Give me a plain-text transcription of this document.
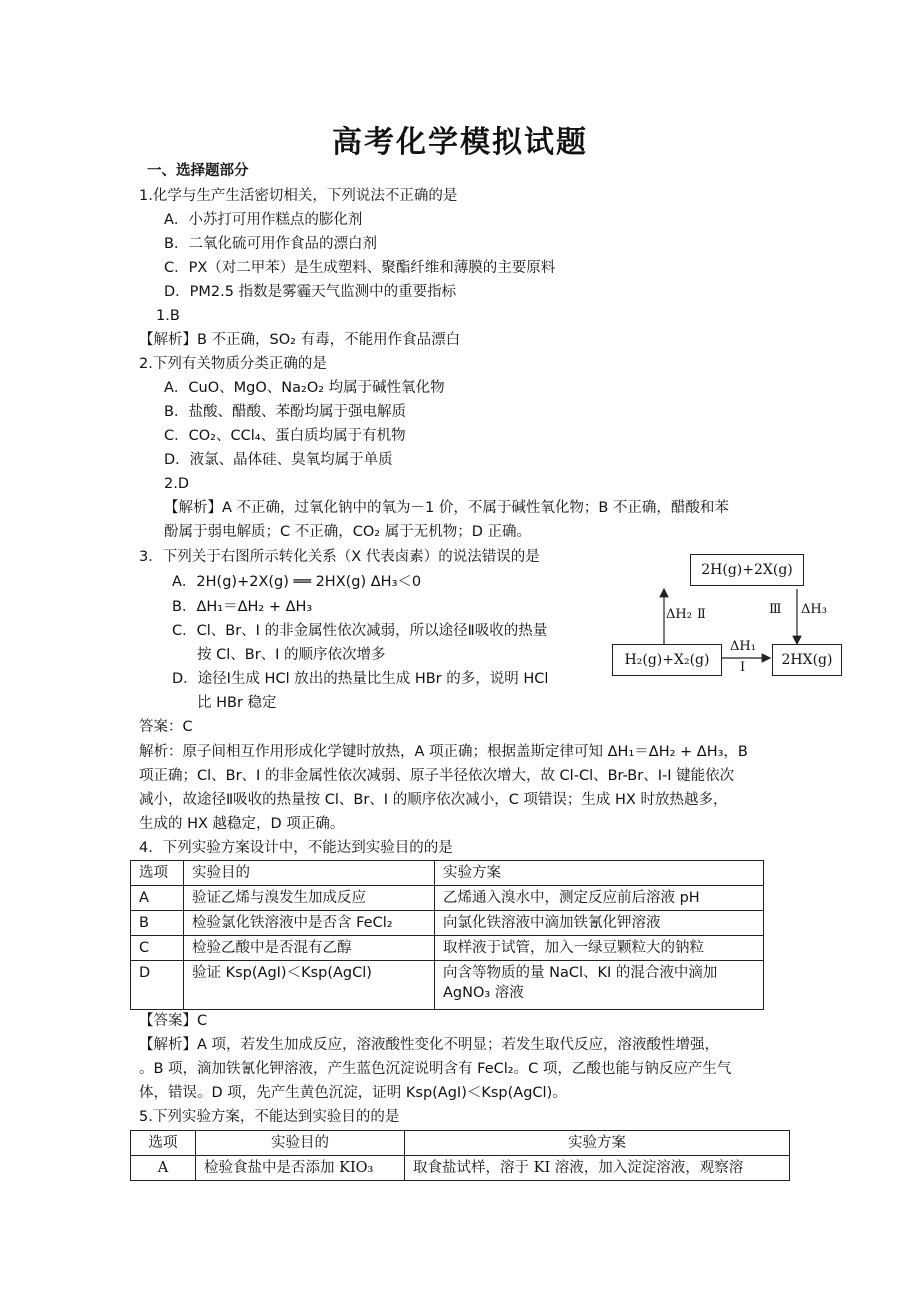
高考化学模拟试题
一、选择题部分
1.化学与生产生活密切相关，下列说法不正确的是
A．小苏打可用作糕点的膨化剂
B．二氧化硫可用作食品的漂白剂
C．PX（对二甲苯）是生成塑料、聚酯纤维和薄膜的主要原料
D．PM2.5 指数是雾霾天气监测中的重要指标
1.B
【解析】B 不正确，SO₂ 有毒，不能用作食品漂白
2.下列有关物质分类正确的是
A．CuO、MgO、Na₂O₂ 均属于碱性氧化物
B．盐酸、醋酸、苯酚均属于强电解质
C．CO₂、CCl₄、蛋白质均属于有机物
D．液氯、晶体硅、臭氧均属于单质
2.D
【解析】A 不正确，过氧化钠中的氧为－1 价，不属于碱性氧化物；B 不正确，醋酸和苯
酚属于弱电解质；C 不正确，CO₂ 属于无机物；D 正确。
3．下列关于右图所示转化关系（X 代表卤素）的说法错误的是
A．2H(g)+2X(g) ══ 2HX(g) ΔH₃＜0
B．ΔH₁＝ΔH₂ + ΔH₃
C．Cl、Br、I 的非金属性依次减弱，所以途径Ⅱ吸收的热量
按 Cl、Br、I 的顺序依次增多
D．途径Ⅰ生成 HCl 放出的热量比生成 HBr 的多，说明 HCl
比 HBr 稳定
答案：C
解析：原子间相互作用形成化学键时放热，A 项正确；根据盖斯定律可知 ΔH₁＝ΔH₂ + ΔH₃，B
项正确；Cl、Br、I 的非金属性依次减弱、原子半径依次增大，故 Cl-Cl、Br-Br、I-I 键能依次
减小，故途径Ⅱ吸收的热量按 Cl、Br、I 的顺序依次减小，C 项错误；生成 HX 时放热越多，
生成的 HX 越稳定，D 项正确。
2H(g)+2X(g)
H₂(g)+X₂(g)	2HX(g)
ΔH₂ Ⅱ	Ⅲ ΔH₃
ΔH₁
Ⅰ
4．下列实验方案设计中，不能达到实验目的的是
选项	实验目的	实验方案
A	验证乙烯与溴发生加成反应	乙烯通入溴水中，测定反应前后溶液 pH
B	检验氯化铁溶液中是否含 FeCl₂	向氯化铁溶液中滴加铁氰化钾溶液
C	检验乙酸中是否混有乙醇	取样液于试管，加入一绿豆颗粒大的钠粒
D	验证 Ksp(AgI)＜Ksp(AgCl)	向含等物质的量 NaCl、KI 的混合液中滴加
AgNO₃ 溶液
【答案】C
【解析】A 项，若发生加成反应，溶液酸性变化不明显；若发生取代反应，溶液酸性增强，
。B 项，滴加铁氰化钾溶液，产生蓝色沉淀说明含有 FeCl₂。C 项，乙酸也能与钠反应产生气
体，错误。D 项，先产生黄色沉淀，证明 Ksp(AgI)＜Ksp(AgCl)。
5.下列实验方案，不能达到实验目的的是
选项	实验目的	实验方案
A	检验食盐中是否添加 KIO₃	取食盐试样，溶于 KI 溶液，加入淀淀溶液，观察溶
